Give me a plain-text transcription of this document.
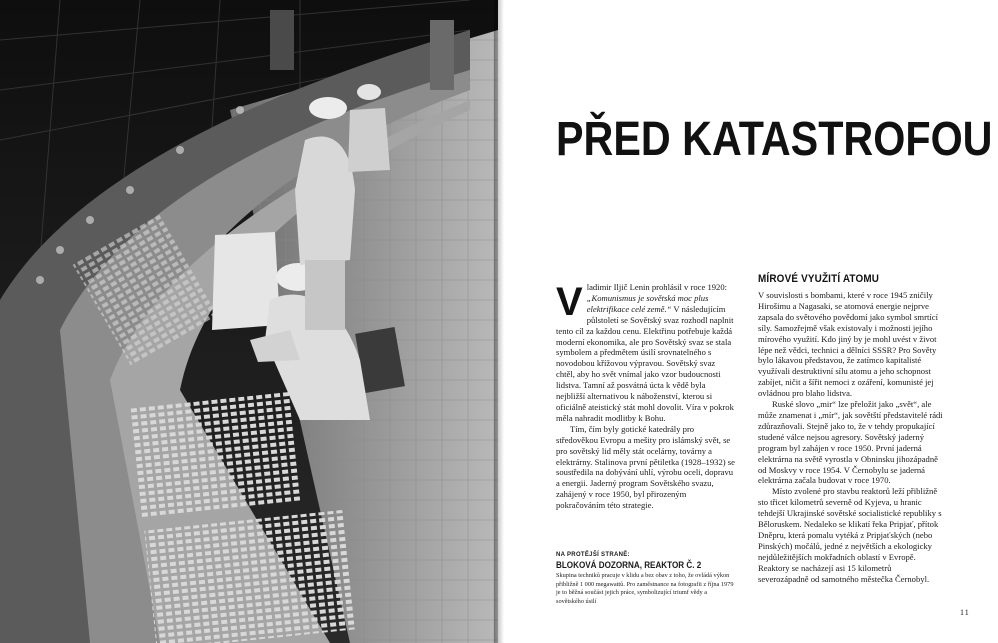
PŘED KATASTROFOU

Vladimir Iljič Lenin prohlásil v roce 1920: „Komunismus je sovětská moc plus elektrifikace celé země.“ V následujícím půlstoletí se Sovětský svaz rozhodl naplnit tento cíl za každou cenu. Elektřinu potřebuje každá moderní ekonomika, ale pro Sovětský svaz se stala symbolem a předmětem úsilí srovnatelného s novodobou křížovou výpravou. Sovětský svaz chtěl, aby ho svět vnímal jako vzor budoucnosti lidstva. Tamní až posvátná úcta k vědě byla nejbližší alternativou k náboženství, kterou si oficiálně ateistický stát mohl dovolit. Víra v pokrok měla nahradit modlitby k Bohu.

Tím, čím byly gotické katedrály pro středověkou Evropu a mešity pro islámský svět, se pro sovětský lid měly stát ocelárny, továrny a elektrárny. Stalinova první pětiletka (1928–1932) se soustředila na dobývání uhlí, výrobu oceli, dopravu a energii. Jaderný program Sovětského svazu, zahájený v roce 1950, byl přirozeným pokračováním této strategie.

MÍROVÉ VYUŽITÍ ATOMU

V souvislosti s bombami, které v roce 1945 zničily Hirošimu a Nagasaki, se atomová energie nejprve zapsala do světového povědomí jako symbol smrtící síly. Samozřejmě však existovaly i možnosti jejího mírového využití. Kdo jiný by je mohl uvést v život lépe než vědci, technici a dělníci SSSR? Pro Sověty bylo lákavou představou, že zatímco kapitalisté využívali destruktivní sílu atomu a jeho schopnost zabíjet, ničit a šířit nemoci z ozáření, komunisté jej ovládnou pro blaho lidstva.

Ruské slovo „mir“ lze přeložit jako „svět“, ale může znamenat i „mír“, jak sovětští představitelé rádi zdůrazňovali. Stejně jako to, že v tehdy propukající studené válce nejsou agresory. Sovětský jaderný program byl zahájen v roce 1950. První jaderná elektrárna na světě vyrostla v Obninsku jihozápadně od Moskvy v roce 1954. V Černobylu se jaderná elektrárna začala budovat v roce 1970.

Místo zvolené pro stavbu reaktorů leží přibližně sto třicet kilometrů severně od Kyjeva, u hranic tehdejší Ukrajinské sovětské socialistické republiky s Běloruskem. Nedaleko se klikatí řeka Pripjať, přítok Dněpru, která pomalu vytéká z Pripjaťských (nebo Pinských) močálů, jedné z největších a ekologicky nejdůležitějších mokřadních oblastí v Evropě. Reaktory se nacházejí asi 15 kilometrů severozápadně od samotného městečka Černobyl.

NA PROTĚJŠÍ STRANĚ:
BLOKOVÁ DOZORNA, REAKTOR Č. 2
Skupina techniků pracuje v klidu a bez obav z toho, že ovládá výkon přibližně 1 000 megawattů. Pro zaměstnance na fotografii z října 1979 je to běžná součást jejich práce, symbolizující triumf vědy a sovětského úsilí
11
